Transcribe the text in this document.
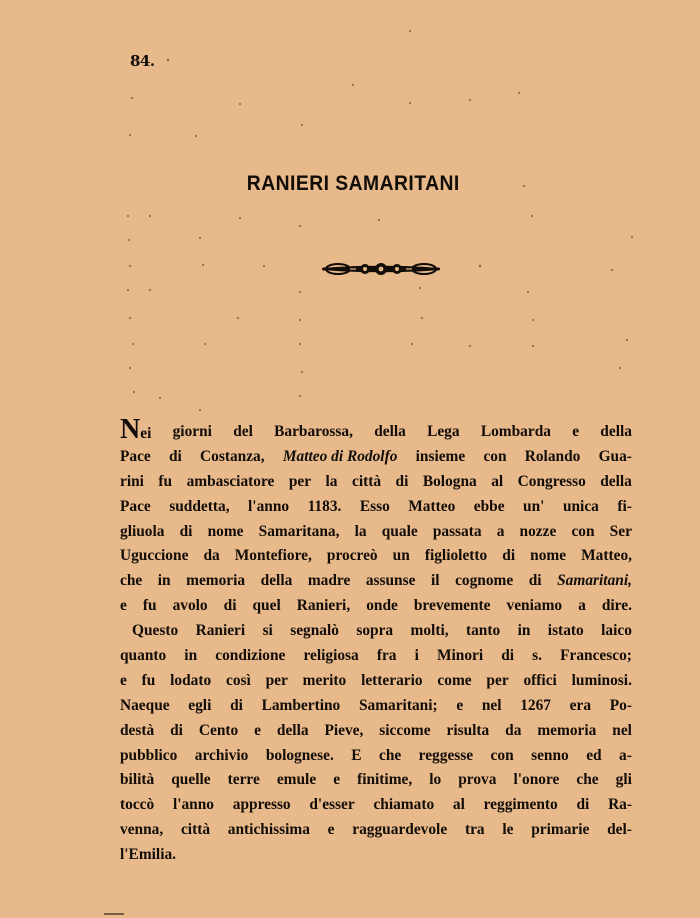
84.
RANIERI SAMARITANI
Nei giorni del Barbarossa, della Lega Lombarda e della
Pace di Costanza, Matteo di Rodolfo insieme con Rolando Gua-
rini fu ambasciatore per la città di Bologna al Congresso della
Pace suddetta, l'anno 1183. Esso Matteo ebbe un' unica fi-
gliuola di nome Samaritana, la quale passata a nozze con Ser
Uguccione da Montefiore, procreò un figlioletto di nome Matteo,
che in memoria della madre assunse il cognome di Samaritani,
e fu avolo di quel Ranieri, onde brevemente veniamo a dire.
Questo Ranieri si segnalò sopra molti, tanto in istato laico
quanto in condizione religiosa fra i Minori di s. Francesco;
e fu lodato così per merito letterario come per offici luminosi.
Naeque egli di Lambertino Samaritani; e nel 1267 era Po-
destà di Cento e della Pieve, siccome risulta da memoria nel
pubblico archivio bolognese. E che reggesse con senno ed a-
bilità quelle terre emule e finitime, lo prova l'onore che gli
toccò l'anno appresso d'esser chiamato al reggimento di Ra-
venna, città antichissima e ragguardevole tra le primarie del-
l'Emilia.
